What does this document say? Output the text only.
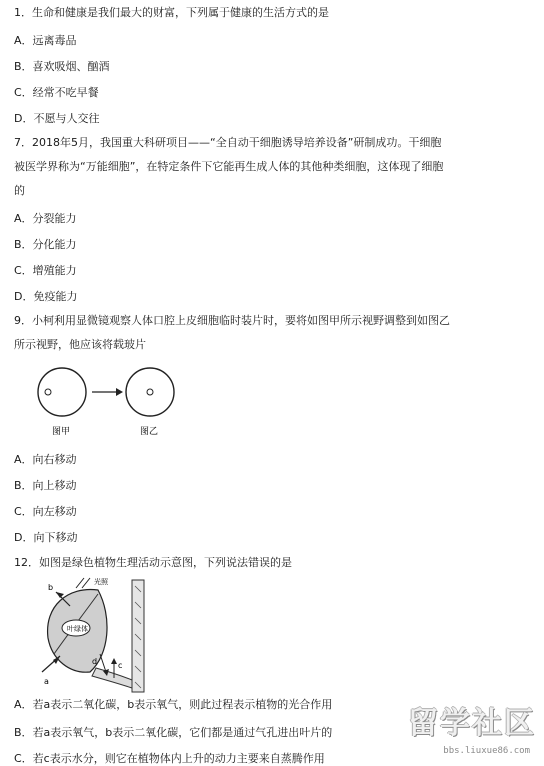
1．生命和健康是我们最大的财富，下列属于健康的生活方式的是
A．远离毒品
B．喜欢吸烟、酗酒
C．经常不吃早餐
D．不愿与人交往
7．2018年5月，我国重大科研项目——“全自动干细胞诱导培养设备”研制成功。干细胞
被医学界称为“万能细胞”，在特定条件下它能再生成人体的其他种类细胞，这体现了细胞
的
A．分裂能力
B．分化能力
C．增殖能力
D．免疫能力
9．小柯利用显微镜观察人体口腔上皮细胞临时装片时，要将如图甲所示视野调整到如图乙
所示视野，他应该将载玻片
图甲	图乙
A．向右移动
B．向上移动
C．向左移动
D．向下移动
12．如图是绿色植物生理活动示意图，下列说法错误的是
叶绿体
光照
a
b
c
d
A．若a表示二氧化碳，b表示氧气，则此过程表示植物的光合作用
B．若a表示氧气，b表示二氧化碳，它们都是通过气孔进出叶片的
C．若c表示水分，则它在植物体内上升的动力主要来自蒸腾作用
留学社区
bbs.liuxue86.com
